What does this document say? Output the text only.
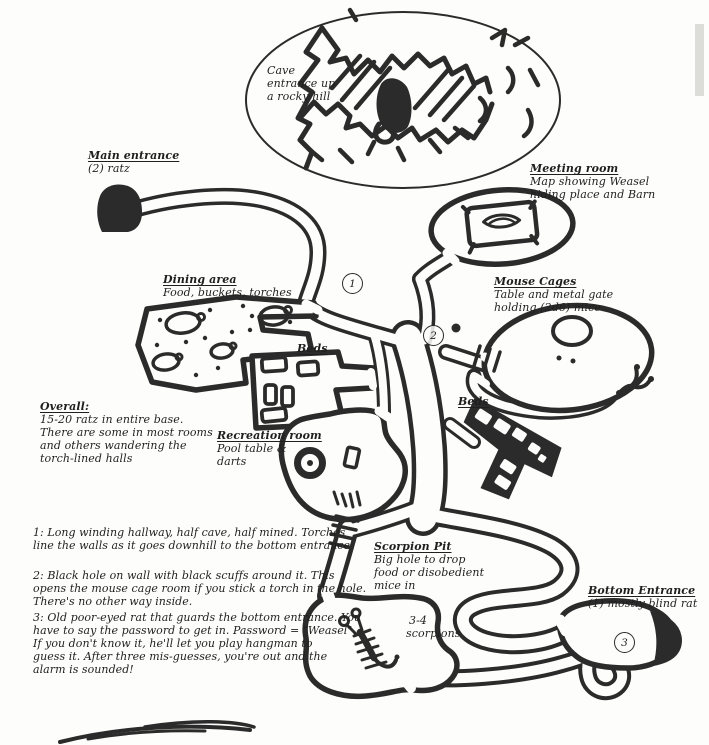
1
2
3
Cave
entrance up
a rocky hill
Main entrance
(2) ratz	Meeting room
Map showing Weasel
hiding place and Barn
Dining area
Food, buckets, torches
Mouse Cages
Table and metal gate
holding (2d6) mice
Beds
Beds
Recreation room
Pool table &
darts
Overall:
15-20 ratz in entire base.
There are some in most rooms
and others wandering the
torch-lined halls
Scorpion Pit
Big hole to drop
food or disobedient
mice in
3-4
scorpions
Bottom Entrance
(1) mostly blind rat
1: Long winding hallway, half cave, half mined. Torches
line the walls as it goes downhill to the bottom entrance
2: Black hole on wall with black scuffs around it. This
opens the mouse cage room if you stick a torch in the hole.
There's no other way inside.
3: Old poor-eyed rat that guards the bottom entrance. You
have to say the password to get in. Password = "Weasel".
If you don't know it, he'll let you play hangman to
guess it. After three mis-guesses, you're out and the
alarm is sounded!
